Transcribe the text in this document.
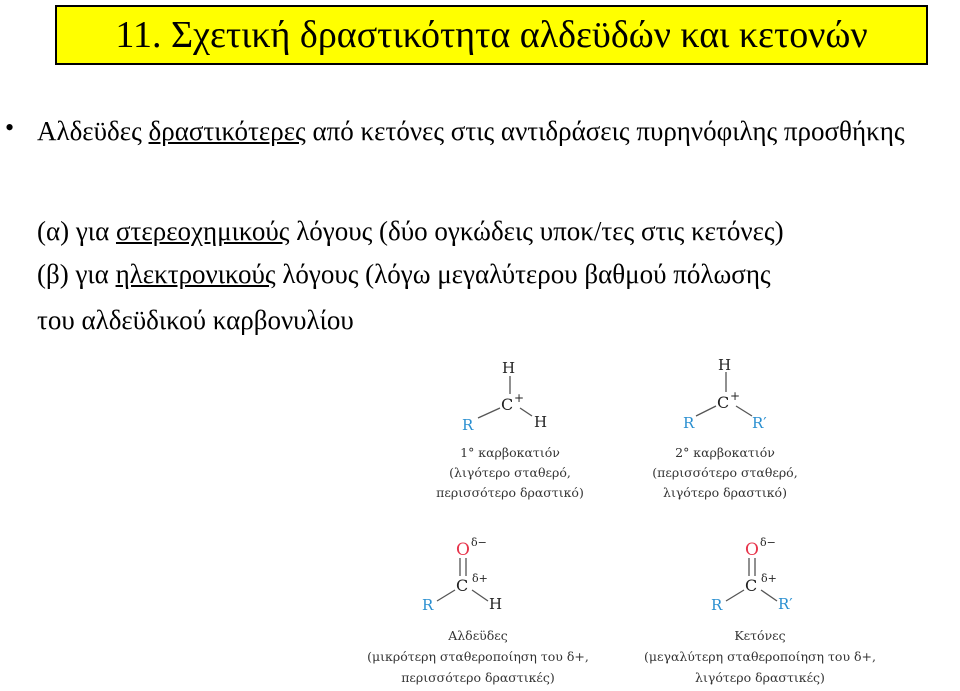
11. Σχετική δραστικότητα αλδεϋδών και κετονών
• Αλδεϋδες δραστικότερες από κετόνες στις αντιδράσεις πυρηνόφιλης προσθήκης
(α) για στερεοχημικούς λόγους (δύο ογκώδεις υποκ/τες στις κετόνες)
(β) για ηλεκτρονικούς λόγους (λόγω μεγαλύτερου βαθμού πόλωσης
του αλδεϋδικού καρβονυλίου
H
C +
R	H
1° καρβοκατιόν
(λιγότερο σταθερό,
περισσότερο δραστικό)
H
C +
R	R′
2° καρβοκατιόν
(περισσότερο σταθερό,
λιγότερο δραστικό)
O δ−
C δ+
R	H
Αλδεϋδες
(μικρότερη σταθεροποίηση του δ+,
περισσότερο δραστικές)
O δ−
C δ+
R	R′
Κετόνες
(μεγαλύτερη σταθεροποίηση του δ+,
λιγότερο δραστικές)
